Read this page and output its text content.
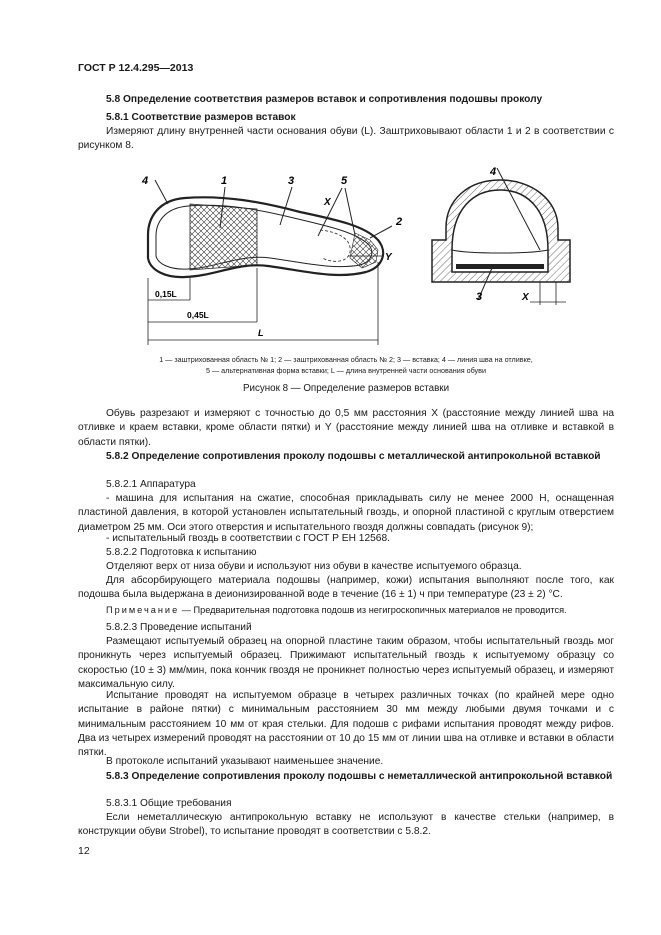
ГОСТ Р 12.4.295—2013
5.8 Определение соответствия размеров вставок и сопротивления подошвы проколу
5.8.1 Соответствие размеров вставок
Измеряют длину внутренней части основания обуви (L). Заштриховывают области 1 и 2 в соответствии с рисунком 8.
4	1	3	5
2
X
Y
0,15L
0,45L
L
4
3	X
1 — заштрихованная область № 1; 2 — заштрихованная область № 2; 3 — вставка; 4 — линия шва на отливке,
5 — альтернативная форма вставки; L — длина внутренней части основания обуви
Рисунок 8 — Определение размеров вставки
Обувь разрезают и измеряют с точностью до 0,5 мм расстояния X (расстояние между линией шва на отливке и краем вставки, кроме области пятки) и Y (расстояние между линией шва на отливке и вставкой в области пятки).
5.8.2 Определение сопротивления проколу подошвы с металлической антипрокольной вставкой
5.8.2.1 Аппаратура
- машина для испытания на сжатие, способная прикладывать силу не менее 2000 Н, оснащенная пластиной давления, в которой установлен испытательный гвоздь, и опорной пластиной с круглым отверстием диаметром 25 мм. Оси этого отверстия и испытательного гвоздя должны совпадать (рисунок 9);
- испытательный гвоздь в соответствии с ГОСТ Р ЕН 12568.
5.8.2.2 Подготовка к испытанию
Отделяют верх от низа обуви и используют низ обуви в качестве испытуемого образца.
Для абсорбирующего материала подошвы (например, кожи) испытания выполняют после того, как подошва была выдержана в деионизированной воде в течение (16 ± 1) ч при температуре (23 ± 2) °С.
Примечание — Предварительная подготовка подошв из негигроскопичных материалов не проводится.
5.8.2.3 Проведение испытаний
Размещают испытуемый образец на опорной пластине таким образом, чтобы испытательный гвоздь мог проникнуть через испытуемый образец. Прижимают испытательный гвоздь к испытуемому образцу со скоростью (10 ± 3) мм/мин, пока кончик гвоздя не проникнет полностью через испытуемый образец, и измеряют максимальную силу.
Испытание проводят на испытуемом образце в четырех различных точках (по крайней мере одно испытание в районе пятки) с минимальным расстоянием 30 мм между любыми двумя точками и с минимальным расстоянием 10 мм от края стельки. Для подошв с рифами испытания проводят между рифов. Два из четырех измерений проводят на расстоянии от 10 до 15 мм от линии шва на отливке и вставки в области пятки.
В протоколе испытаний указывают наименьшее значение.
5.8.3 Определение сопротивления проколу подошвы с неметаллической антипрокольной вставкой
5.8.3.1 Общие требования
Если неметаллическую антипрокольную вставку не используют в качестве стельки (например, в конструкции обуви Strobel), то испытание проводят в соответствии с 5.8.2.
12
